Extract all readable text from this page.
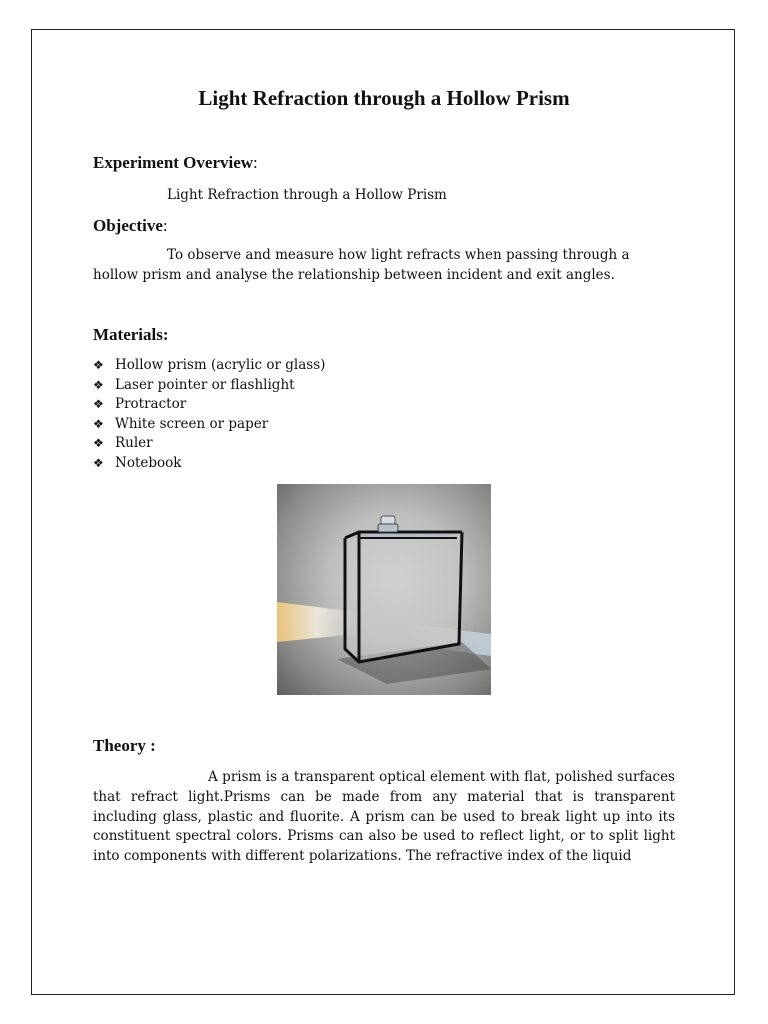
Light Refraction through a Hollow Prism
Experiment Overview:
Light Refraction through a Hollow Prism
Objective:
To observe and measure how light refracts when passing through a hollow prism and analyse the relationship between incident and exit angles.
Materials:
❖ Hollow prism (acrylic or glass)
❖ Laser pointer or flashlight
❖ Protractor
❖ White screen or paper
❖ Ruler
❖ Notebook
Theory :
A prism is a transparent optical element with flat, polished surfaces that refract light.Prisms can be made from any material that is transparent including glass, plastic and fluorite. A prism can be used to break light up into its constituent spectral colors. Prisms can also be used to reflect light, or to split light into components with different polarizations. The refractive index of the liquid
